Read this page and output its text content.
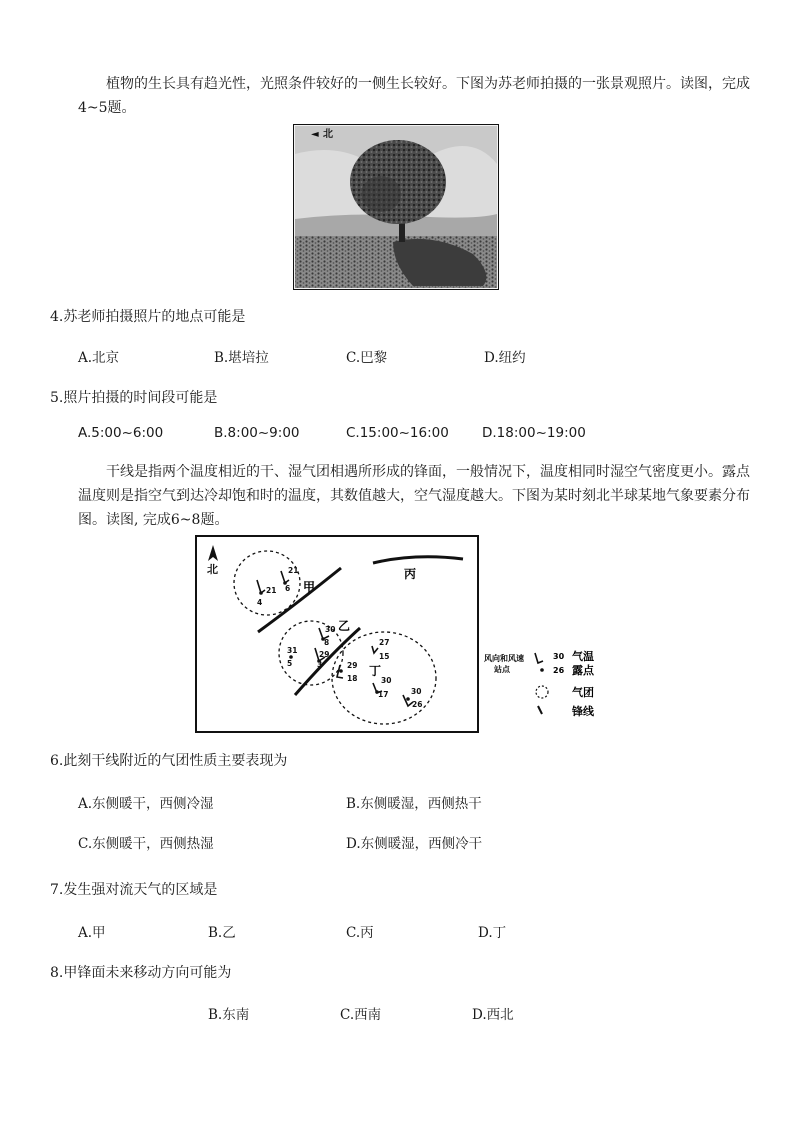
植物的生长具有趋光性，光照条件较好的一侧生长较好。下图为苏老师拍摄的一张景观照片。读图，完成4~5题。
◄ 北
4.苏老师拍摄照片的地点可能是
A.北京	B.堪培拉	C.巴黎	D.纽约
5.照片拍摄的时间段可能是
A.5:00~6:00	B.8:00~9:00	C.15:00~16:00 D.18:00~19:00
干线是指两个温度相近的干、湿气团相遇所形成的锋面，一般情况下，温度相同时湿空气密度更小。露点温度则是指空气到达冷却饱和时的温度，其数值越大，空气湿度越大。下图为某时刻北半球某地气象要素分布图。读图, 完成6~8题。
北
甲
乙
丙
丁
21
4
21
6
30
8
31
5
29
3
27
15
29
18	30
17	30
26
风向和风速
站点
30
26
气温
露点
气团
锋线
6.此刻干线附近的气团性质主要表现为
A.东侧暖干，西侧冷湿	B.东侧暖湿，西侧热干
C.东侧暖干，西侧热湿	D.东侧暖湿，西侧冷干
7.发生强对流天气的区域是
A.甲	B.乙	C.丙	D.丁
8.甲锋面未来移动方向可能为
B.东南	C.西南	D.西北
